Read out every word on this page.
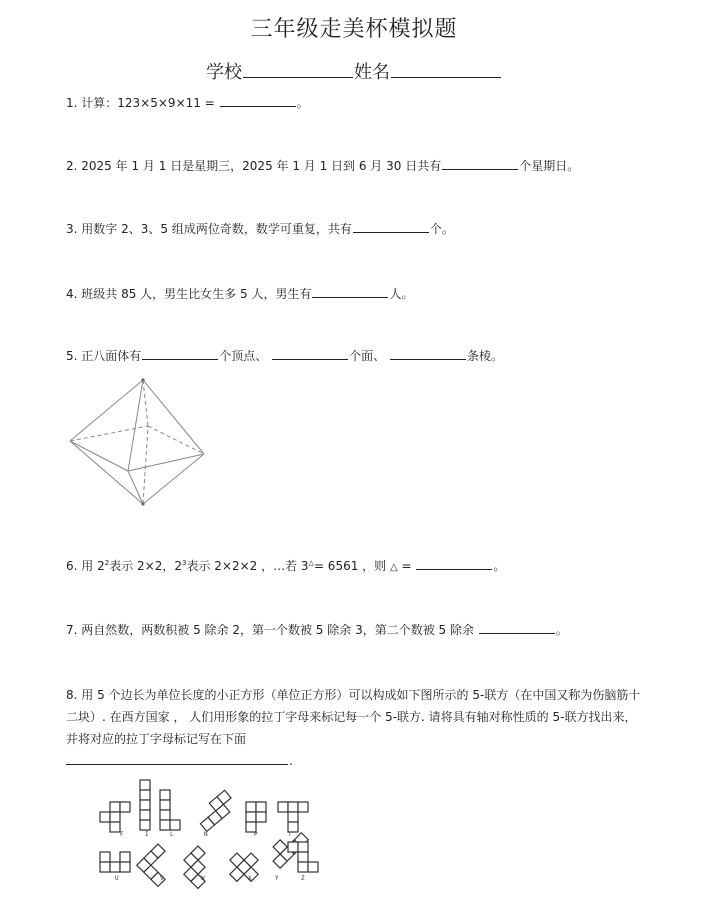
三年级走美杯模拟题
学校	姓名
1. 计算：123×5×9×11 =	。
2. 2025 年 1 月 1 日是星期三，2025 年 1 月 1 日到 6 月 30 日共有	个星期日。
3. 用数字 2、3、5 组成两位奇数，数学可重复，共有	个。
4. 班级共 85 人，男生比女生多 5 人，男生有	人。
5. 正八面体有	个顶点、	个面、	条棱。
6. 用 $2^2$表示 2×2，$2^3$表示 2×2×2 ，…若 3△= 6561 ，则 △ =	。
7. 两自然数，两数积被 5 除余 2，第一个数被 5 除余 3，第二个数被 5 除余	。
8. 用 5 个边长为单位长度的小正方形（单位正方形）可以构成如下图所示的 5-联方（在中国又称为伤脑筋十二块）. 在西方国家 ， 人们用形象的拉丁字母来标记每一个 5-联方. 请将具有轴对称性质的 5-联方找出来，并将对应的拉丁字母标记写在下面
.
F	I	L	N	P	T
U	V	W	X	Y	Z
